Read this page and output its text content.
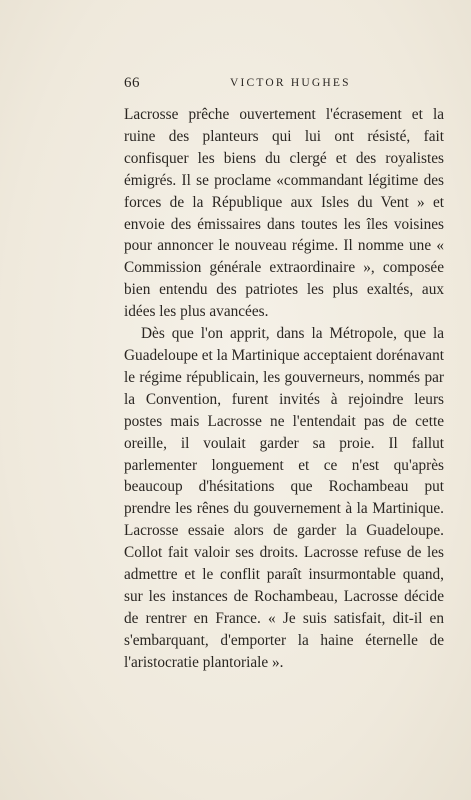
66	VICTOR HUGHES

Lacrosse prêche ouvertement l'écrasement et la ruine des planteurs qui lui ont résisté, fait confisquer les biens du clergé et des royalistes émigrés. Il se proclame «commandant légitime des forces de la République aux Isles du Vent » et envoie des émissaires dans toutes les îles voisines pour annoncer le nouveau régime. Il nomme une « Commission générale extraordinaire », composée bien entendu des patriotes les plus exaltés, aux idées les plus avancées.

Dès que l'on apprit, dans la Métropole, que la Guadeloupe et la Martinique acceptaient dorénavant le régime républicain, les gouverneurs, nommés par la Convention, furent invités à rejoindre leurs postes mais Lacrosse ne l'entendait pas de cette oreille, il voulait garder sa proie. Il fallut parlementer longuement et ce n'est qu'après beaucoup d'hésitations que Rochambeau put prendre les rênes du gouvernement à la Martinique. Lacrosse essaie alors de garder la Guadeloupe. Collot fait valoir ses droits. Lacrosse refuse de les admettre et le conflit paraît insurmontable quand, sur les instances de Rochambeau, Lacrosse décide de rentrer en France. « Je suis satisfait, dit-il en s'embarquant, d'emporter la haine éternelle de l'aristocratie plantoriale ».
